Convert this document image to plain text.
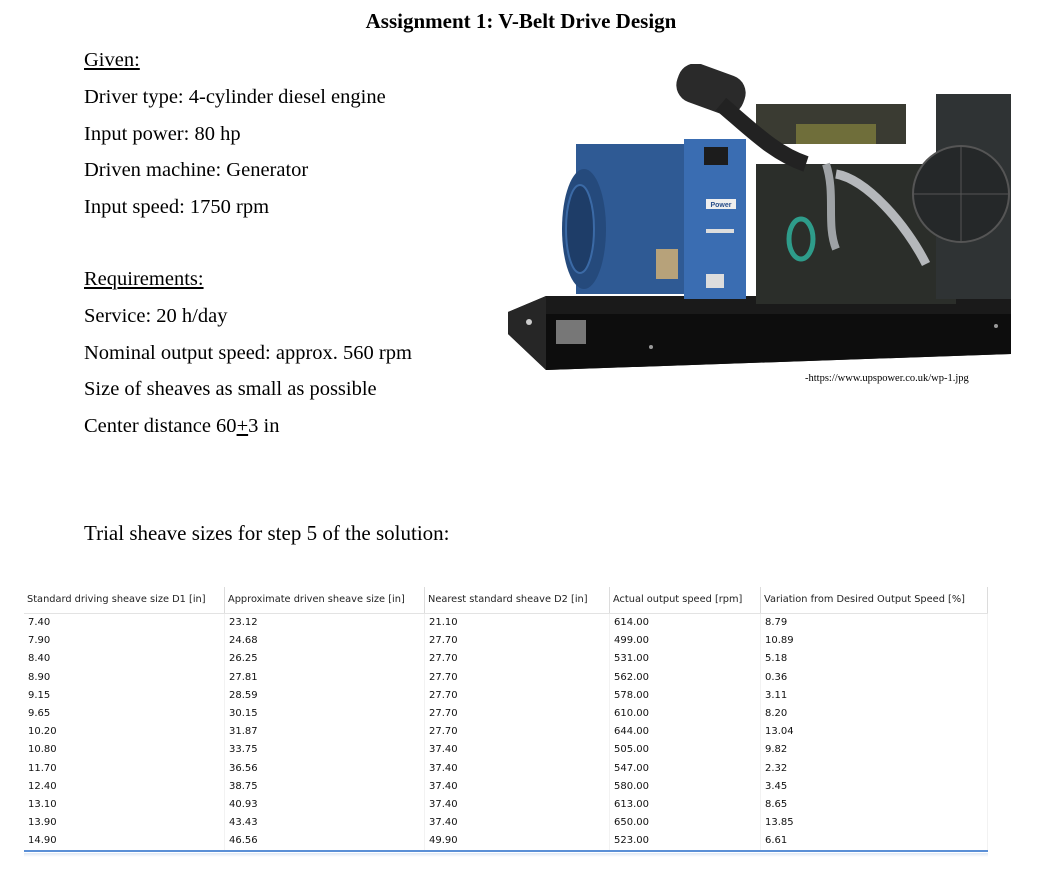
Assignment 1: V-Belt Drive Design
Given:
Driver type: 4-cylinder diesel engine
Input power: 80 hp
Driven machine: Generator
Input speed: 1750 rpm
Requirements:
Service: 20 h/day
Nominal output speed: approx. 560 rpm
Size of sheaves as small as possible
Center distance 60+3 in
Power
-https://www.upspower.co.uk/wp-1.jpg
Trial sheave sizes for step 5 of the solution:
Standard driving sheave size D1 [in]	Approximate driven sheave size [in]	Nearest standard sheave D2 [in]	Actual output speed [rpm]	Variation from Desired Output Speed [%]
7.40	23.12	21.10	614.00	8.79
7.90	24.68	27.70	499.00	10.89
8.40	26.25	27.70	531.00	5.18
8.90	27.81	27.70	562.00	0.36
9.15	28.59	27.70	578.00	3.11
9.65	30.15	27.70	610.00	8.20
10.20	31.87	27.70	644.00	13.04
10.80	33.75	37.40	505.00	9.82
11.70	36.56	37.40	547.00	2.32
12.40	38.75	37.40	580.00	3.45
13.10	40.93	37.40	613.00	8.65
13.90	43.43	37.40	650.00	13.85
14.90	46.56	49.90	523.00	6.61
